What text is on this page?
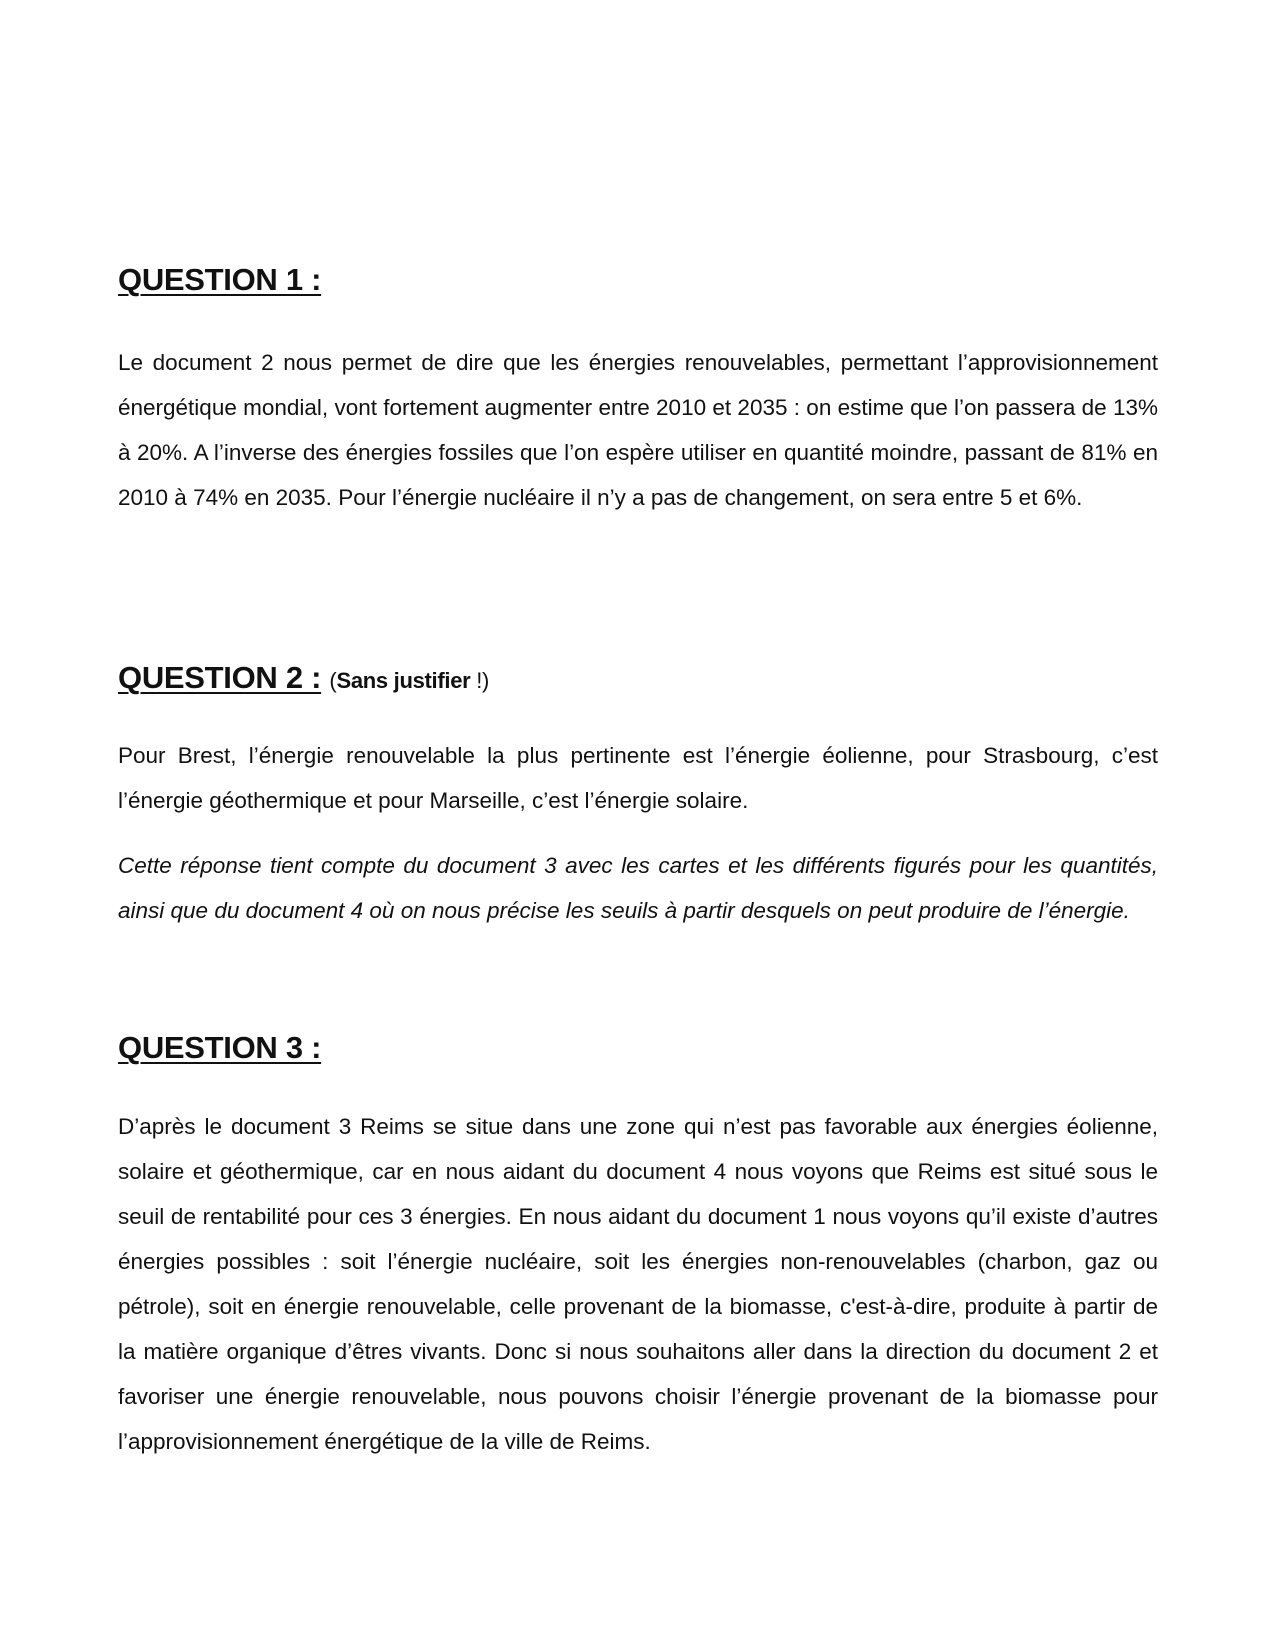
QUESTION 1 :

Le document 2 nous permet de dire que les énergies renouvelables, permettant l’approvisionnement énergétique mondial, vont fortement augmenter entre 2010 et 2035 : on estime que l’on passera de 13% à 20%. A l’inverse des énergies fossiles que l’on espère utiliser en quantité moindre, passant de 81% en 2010 à 74% en 2035. Pour l’énergie nucléaire il n’y a pas de changement, on sera entre 5 et 6%.

QUESTION 2 : (Sans justifier !)

Pour Brest, l’énergie renouvelable la plus pertinente est l’énergie éolienne, pour Strasbourg, c’est l’énergie géothermique et pour Marseille, c’est l’énergie solaire.

Cette réponse tient compte du document 3 avec les cartes et les différents figurés pour les quantités, ainsi que du document 4 où on nous précise les seuils à partir desquels on peut produire de l’énergie.

QUESTION 3 :

D’après le document 3 Reims se situe dans une zone qui n’est pas favorable aux énergies éolienne, solaire et géothermique, car en nous aidant du document 4 nous voyons que Reims est situé sous le seuil de rentabilité pour ces 3 énergies. En nous aidant du document 1 nous voyons qu’il existe d’autres énergies possibles : soit l’énergie nucléaire, soit les énergies non-renouvelables (charbon, gaz ou pétrole), soit en énergie renouvelable, celle provenant de la biomasse, c'est-à-dire, produite à partir de la matière organique d’êtres vivants. Donc si nous souhaitons aller dans la direction du document 2 et favoriser une énergie renouvelable, nous pouvons choisir l’énergie provenant de la biomasse pour l’approvisionnement énergétique de la ville de Reims.
